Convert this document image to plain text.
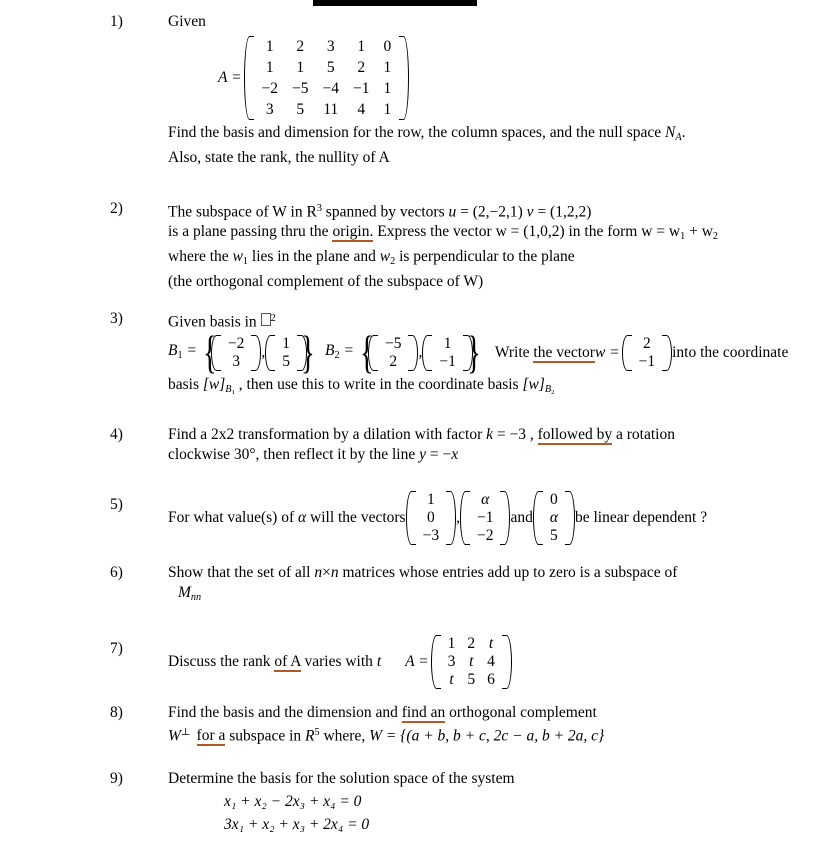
1)	Given
A =
1	2	3	1	0
1	1	5	2	1
−2	−5	−4	−1	1
3	5	11	4	1
Find the basis and dimension for the row, the column spaces, and the null space $N_A$.
Also, state the rank, the nullity of A
2)	The subspace of W in $R^3$ spanned by vectors u = (2,−2,1) v = (1,2,2)
is a plane passing thru the origin. Express the vector w = (1,0,2) in the form $w = w_1 + w_2$
where the $w_1$ lies in the plane and $w_2$ is perpendicular to the plane
(the orthogonal complement of the subspace of W)
3)	Given basis in $^2$
$B_1$ = { −2
3
,
1
5
}$B_2$ = { −5
2
,
1
−1
}Write the vectorw =
2
−1
into the coordinate
basis $[w]_{B_1}$ , then use this to write in the coordinate basis $[w]_{B_2}$
4)	Find a 2x2 transformation by a dilation with factor k = −3 , followed by a rotation
clockwise 30°, then reflect it by the line y = −x
5)
For what value(s) of α will the vectors
1
0
−3
,
α
−1
−2
and
0
α
5
be linear dependent ?
6)	Show that the set of all n×n matrices whose entries add up to zero is a subspace of
$M_{nn}$
7)
Discuss the rank of A varies with t A =
1	2	t
3	t	4
t	5	6
8)	Find the basis and the dimension and find an orthogonal complement
W⊥ for a subspace in $R^5$ where, W = {(a + b, b + c, 2c − a, b + 2a, c}
9)	Determine the basis for the solution space of the system
x₁ + x₂ − 2x₃ + x₄ = 0
3x₁ + x₂ + x₃ + 2x₄ = 0
